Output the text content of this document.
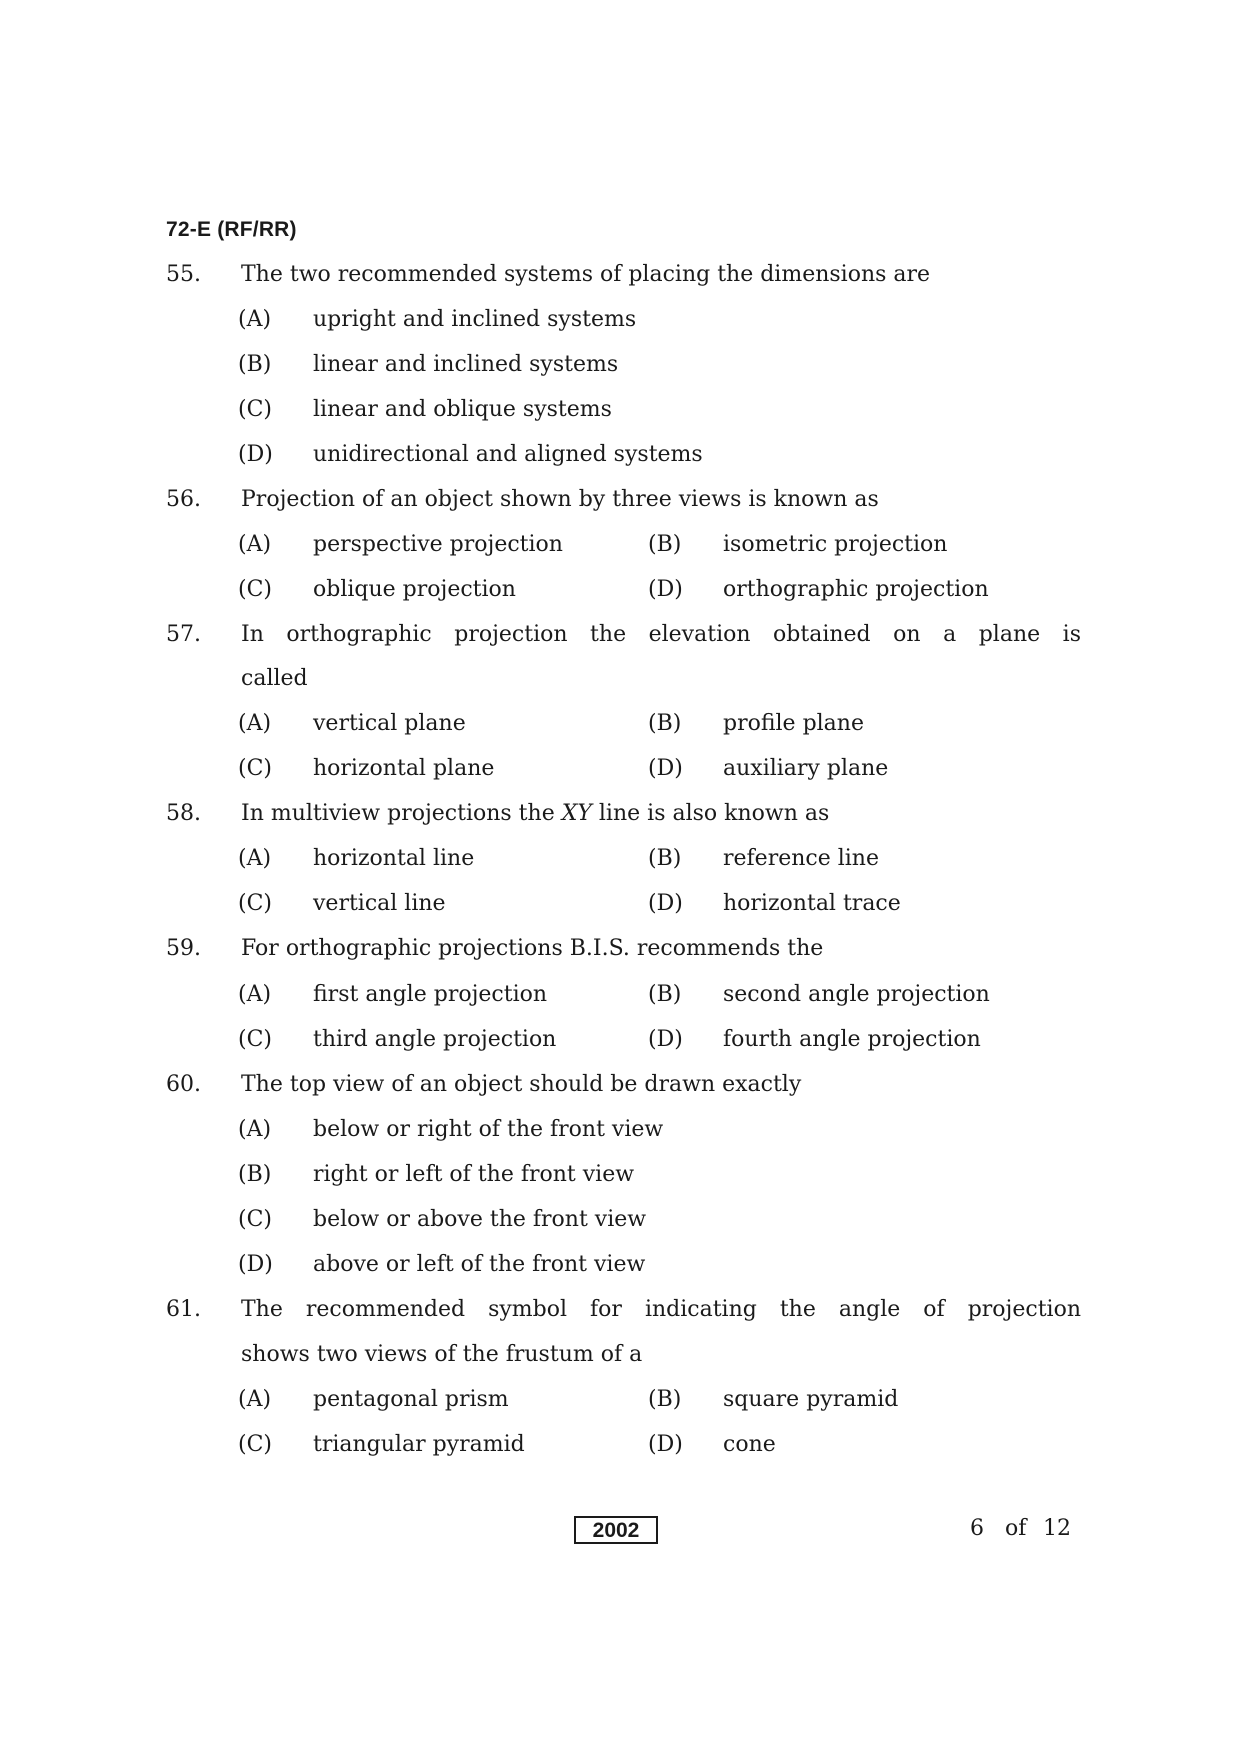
72-E (RF/RR)
55. The two recommended systems of placing the dimensions are
(A) upright and inclined systems
(B) linear and inclined systems
(C) linear and oblique systems
(D) unidirectional and aligned systems
56. Projection of an object shown by three views is known as
(A) perspective projection	(B) isometric projection
(C) oblique projection	(D) orthographic projection
57. In orthographic projection the elevation obtained on a plane is
called
(A) vertical plane	(B) profile plane
(C) horizontal plane	(D) auxiliary plane
58. In multiview projections the XY line is also known as
(A) horizontal line	(B) reference line
(C) vertical line	(D) horizontal trace
59. For orthographic projections B.I.S. recommends the
(A) first angle projection	(B) second angle projection
(C) third angle projection	(D) fourth angle projection
60. The top view of an object should be drawn exactly
(A) below or right of the front view
(B) right or left of the front view
(C) below or above the front view
(D) above or left of the front view
61. The recommended symbol for indicating the angle of projection
shows two views of the frustum of a
(A) pentagonal prism	(B) square pyramid
(C) triangular pyramid	(D) cone
2002	6 of 12
